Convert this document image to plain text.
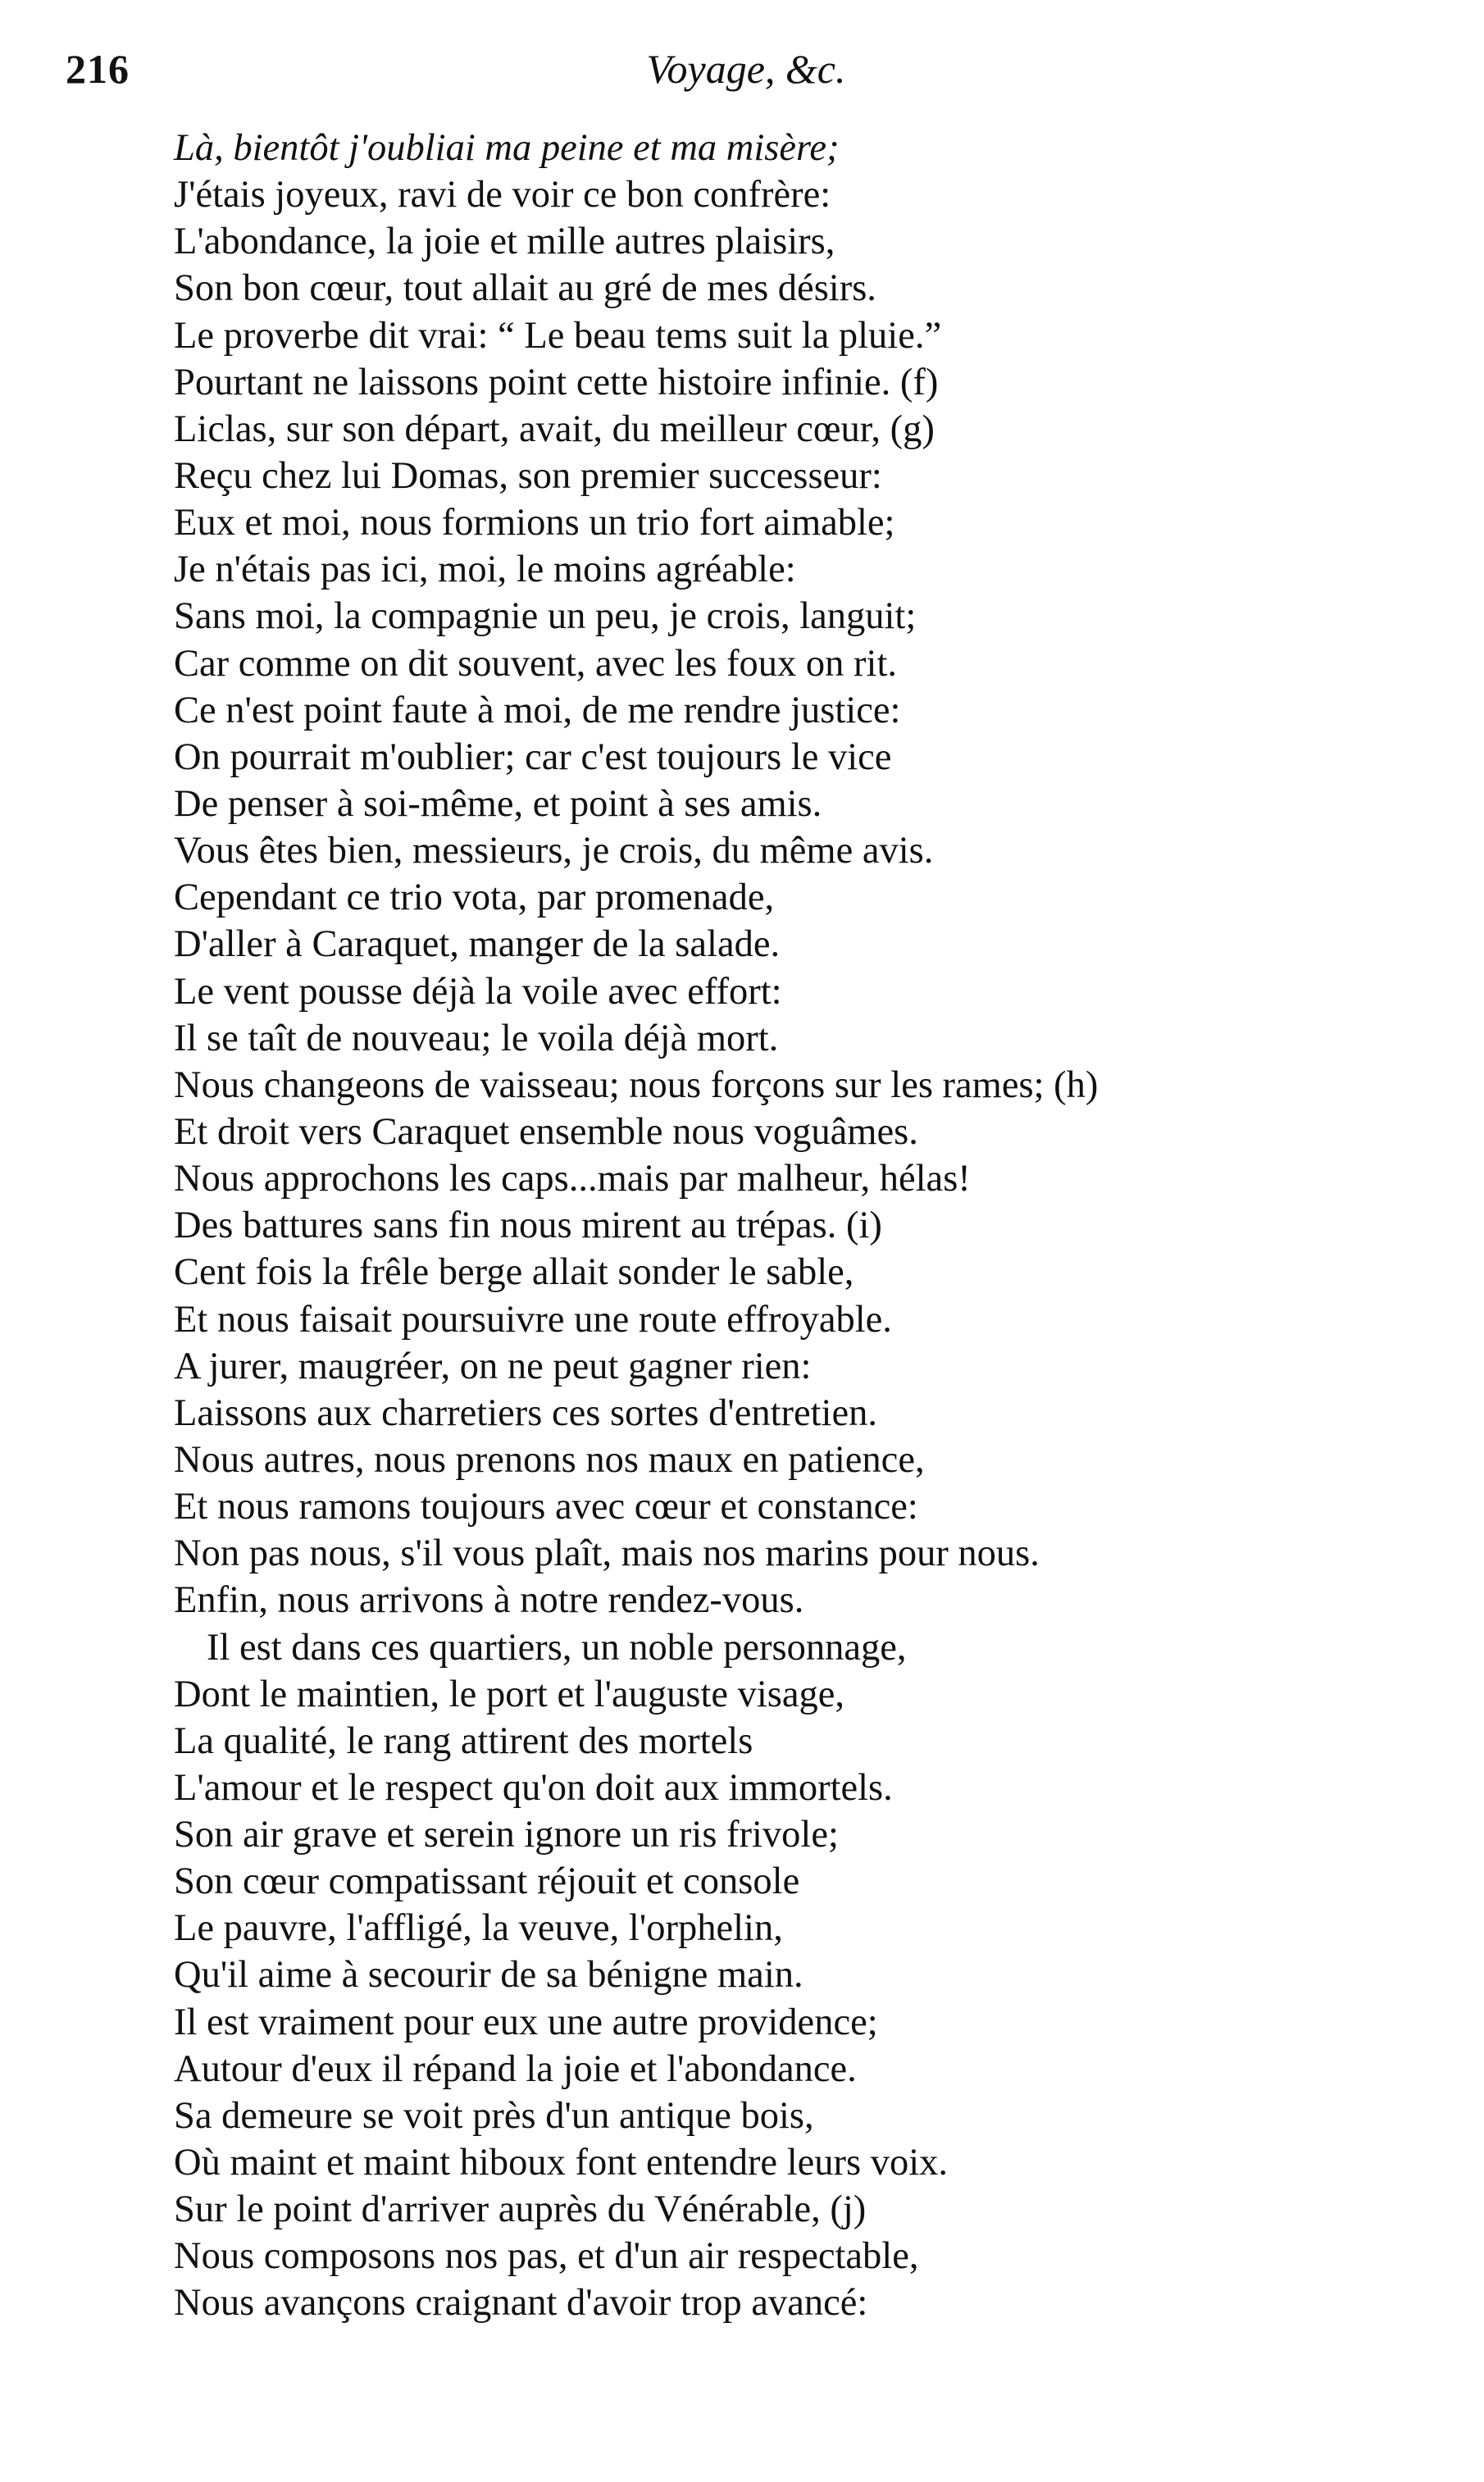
216	Voyage, &c.
Là, bientôt j'oubliai ma peine et ma misère;
J'étais joyeux, ravi de voir ce bon confrère:
L'abondance, la joie et mille autres plaisirs,
Son bon cœur, tout allait au gré de mes désirs.
Le proverbe dit vrai: “ Le beau tems suit la pluie.”
Pourtant ne laissons point cette histoire infinie. (f)
Liclas, sur son départ, avait, du meilleur cœur, (g)
Reçu chez lui Domas, son premier successeur:
Eux et moi, nous formions un trio fort aimable;
Je n'étais pas ici, moi, le moins agréable:
Sans moi, la compagnie un peu, je crois, languit;
Car comme on dit souvent, avec les foux on rit.
Ce n'est point faute à moi, de me rendre justice:
On pourrait m'oublier; car c'est toujours le vice
De penser à soi-même, et point à ses amis.
Vous êtes bien, messieurs, je crois, du même avis.
Cependant ce trio vota, par promenade,
D'aller à Caraquet, manger de la salade.
Le vent pousse déjà la voile avec effort:
Il se taît de nouveau; le voila déjà mort.
Nous changeons de vaisseau; nous forçons sur les rames; (h)
Et droit vers Caraquet ensemble nous voguâmes.
Nous approchons les caps...mais par malheur, hélas!
Des battures sans fin nous mirent au trépas. (i)
Cent fois la frêle berge allait sonder le sable,
Et nous faisait poursuivre une route effroyable.
A jurer, maugréer, on ne peut gagner rien:
Laissons aux charretiers ces sortes d'entretien.
Nous autres, nous prenons nos maux en patience,
Et nous ramons toujours avec cœur et constance:
Non pas nous, s'il vous plaît, mais nos marins pour nous.
Enfin, nous arrivons à notre rendez-vous.
Il est dans ces quartiers, un noble personnage,
Dont le maintien, le port et l'auguste visage,
La qualité, le rang attirent des mortels
L'amour et le respect qu'on doit aux immortels.
Son air grave et serein ignore un ris frivole;
Son cœur compatissant réjouit et console
Le pauvre, l'affligé, la veuve, l'orphelin,
Qu'il aime à secourir de sa bénigne main.
Il est vraiment pour eux une autre providence;
Autour d'eux il répand la joie et l'abondance.
Sa demeure se voit près d'un antique bois,
Où maint et maint hiboux font entendre leurs voix.
Sur le point d'arriver auprès du Vénérable, (j)
Nous composons nos pas, et d'un air respectable,
Nous avançons craignant d'avoir trop avancé:
